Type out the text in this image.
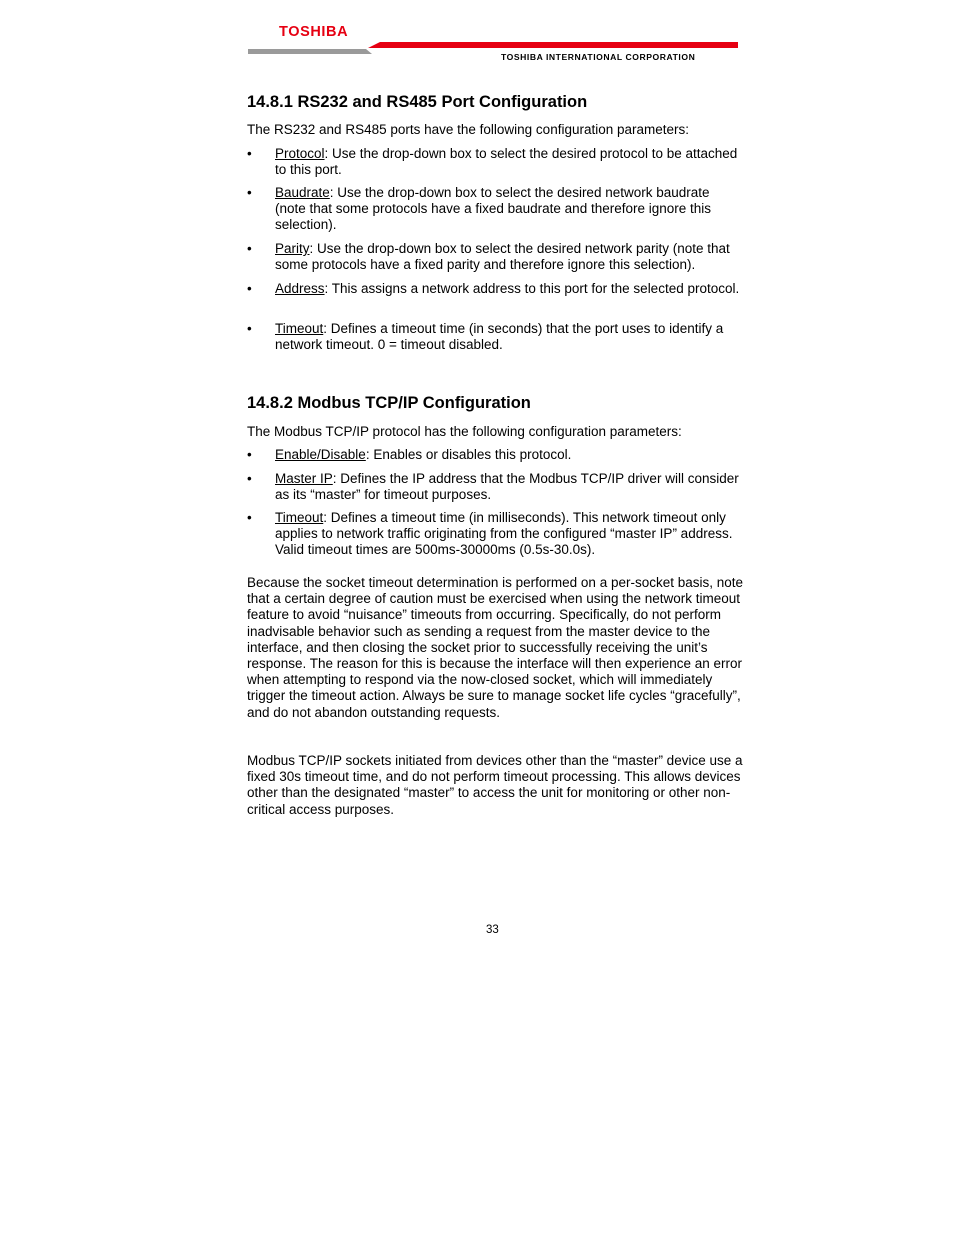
TOSHIBA
TOSHIBA INTERNATIONAL CORPORATION
14.8.1 RS232 and RS485 Port Configuration

The RS232 and RS485 ports have the following configuration parameters:

•	Protocol: Use the drop-down box to select the desired protocol to be attached to this port.
•	Baudrate: Use the drop-down box to select the desired network baudrate (note that some protocols have a fixed baudrate and therefore ignore this selection).
•	Parity: Use the drop-down box to select the desired network parity (note that some protocols have a fixed parity and therefore ignore this selection).
•	Address: This assigns a network address to this port for the selected protocol.
•	Timeout: Defines a timeout time (in seconds) that the port uses to identify a network timeout. 0 = timeout disabled.
14.8.2 Modbus TCP/IP Configuration

The Modbus TCP/IP protocol has the following configuration parameters:

•	Enable/Disable: Enables or disables this protocol.
•	Master IP: Defines the IP address that the Modbus TCP/IP driver will consider as its “master” for timeout purposes.
•	Timeout: Defines a timeout time (in milliseconds). This network timeout only applies to network traffic originating from the configured “master IP” address. Valid timeout times are 500ms-30000ms (0.5s-30.0s).

Because the socket timeout determination is performed on a per-socket basis, note that a certain degree of caution must be exercised when using the network timeout feature to avoid “nuisance” timeouts from occurring. Specifically, do not perform inadvisable behavior such as sending a request from the master device to the interface, and then closing the socket prior to successfully receiving the unit’s response. The reason for this is because the interface will then experience an error when attempting to respond via the now-closed socket, which will immediately trigger the timeout action. Always be sure to manage socket life cycles “gracefully”, and do not abandon outstanding requests.

Modbus TCP/IP sockets initiated from devices other than the “master” device use a fixed 30s timeout time, and do not perform timeout processing. This allows devices other than the designated “master” to access the unit for monitoring or other non-critical access purposes.

33
